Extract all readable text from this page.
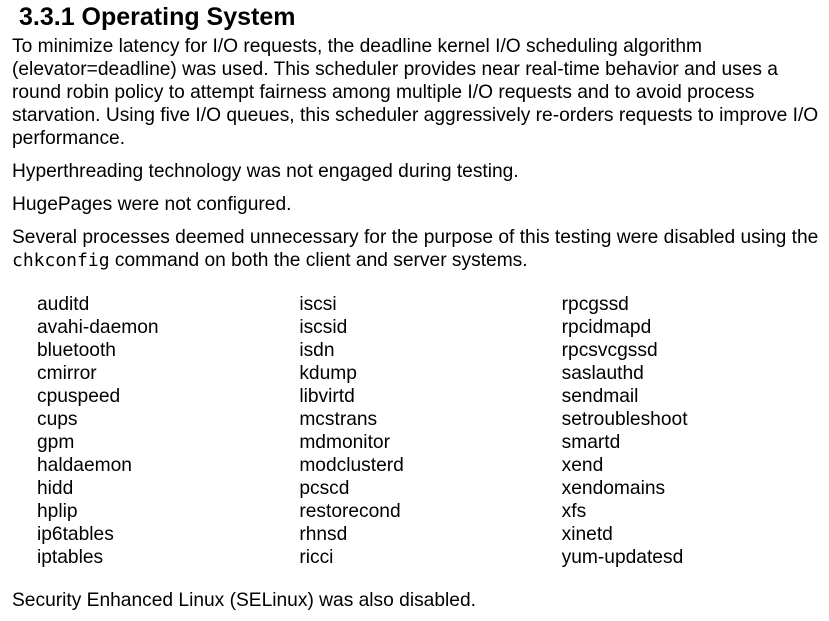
3.3.1 Operating System

To minimize latency for I/O requests, the deadline kernel I/O scheduling algorithm (elevator=deadline) was used. This scheduler provides near real-time behavior and uses a round robin policy to attempt fairness among multiple I/O requests and to avoid process starvation. Using five I/O queues, this scheduler aggressively re-orders requests to improve I/O performance.

Hyperthreading technology was not engaged during testing.

HugePages were not configured.

Several processes deemed unnecessary for the purpose of this testing were disabled using the chkconfig command on both the client and server systems.

auditd
avahi-daemon
bluetooth
cmirror
cpuspeed
cups
gpm
haldaemon
hidd
hplip
ip6tables
iptables
iscsi
iscsid
isdn
kdump
libvirtd
mcstrans
mdmonitor
modclusterd
pcscd
restorecond
rhnsd
ricci
rpcgssd
rpcidmapd
rpcsvcgssd
saslauthd
sendmail
setroubleshoot
smartd
xend
xendomains
xfs
xinetd
yum-updatesd

Security Enhanced Linux (SELinux) was also disabled.
